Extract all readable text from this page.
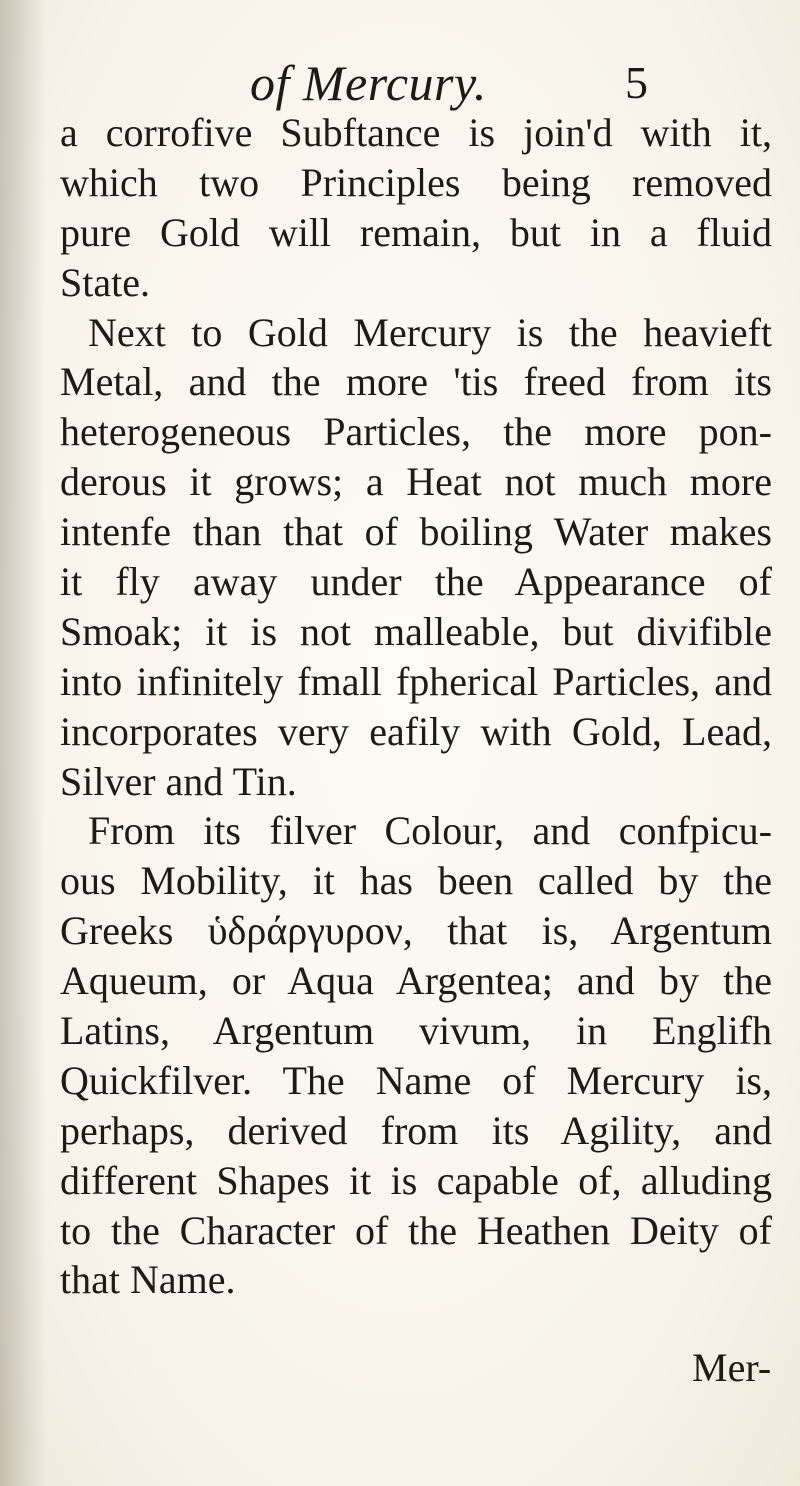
of Mercury.	5
a corrofive Subftance is join'd with it,
which two Principles being removed
pure Gold will remain, but in a fluid
State.
Next to Gold Mercury is the heavieft
Metal, and the more 'tis freed from its
heterogeneous Particles, the more pon-
derous it grows; a Heat not much more
intenfe than that of boiling Water makes
it fly away under the Appearance of
Smoak; it is not malleable, but divifible
into infinitely fmall fpherical Particles, and
incorporates very eafily with Gold, Lead,
Silver and Tin.
From its filver Colour, and confpicu-
ous Mobility, it has been called by the
Greeks ὑδράργυρον, that is, Argentum
Aqueum, or Aqua Argentea; and by the
Latins, Argentum vivum, in Englifh
Quickfilver. The Name of Mercury is,
perhaps, derived from its Agility, and
different Shapes it is capable of, alluding
to the Character of the Heathen Deity of
that Name.
Mer-
